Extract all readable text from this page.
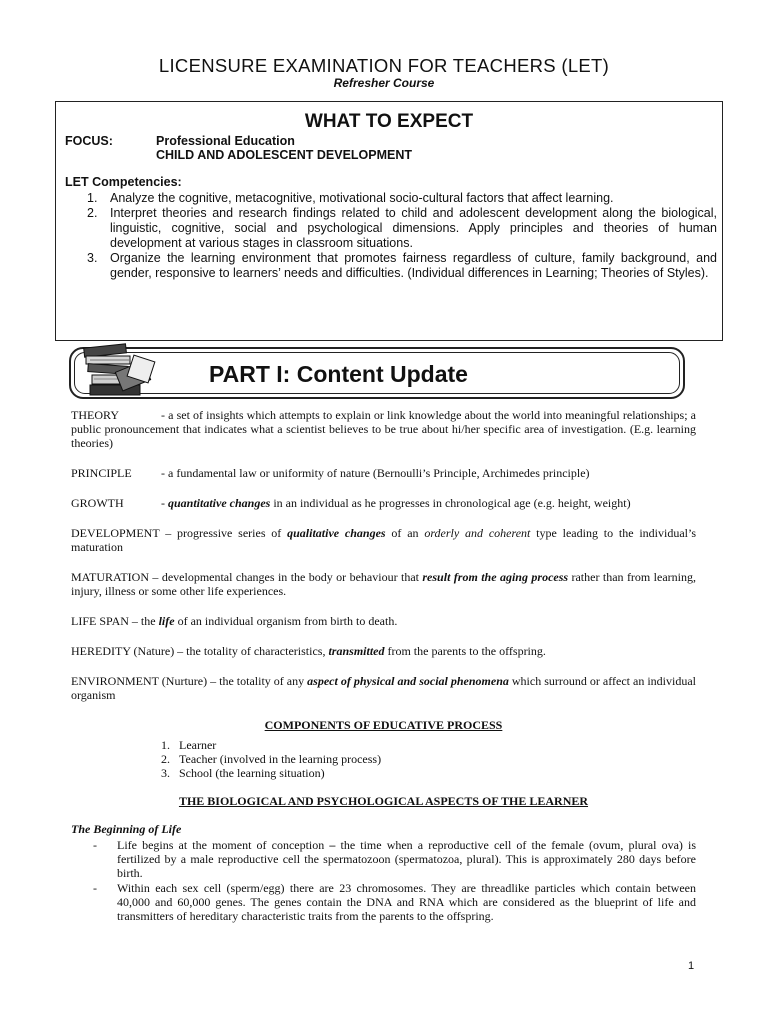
LICENSURE EXAMINATION FOR TEACHERS (LET)
Refresher Course
WHAT TO EXPECT
FOCUS:	Professional Education
CHILD AND ADOLESCENT DEVELOPMENT
LET Competencies:
1. Analyze the cognitive, metacognitive, motivational socio-cultural factors that affect learning.
2. Interpret theories and research findings related to child and adolescent development along the biological, linguistic, cognitive, social and psychological dimensions. Apply principles and theories of human development at various stages in classroom situations.
3. Organize the learning environment that promotes fairness regardless of culture, family background, and gender, responsive to learners’ needs and difficulties. (Individual differences in Learning; Theories of Styles).
PART I: Content Update

THEORY	- a set of insights which attempts to explain or link knowledge about the world into meaningful relationships; a public pronouncement that indicates what a scientist believes to be true about hi/her specific area of investigation. (E.g. learning theories)

PRINCIPLE - a fundamental law or uniformity of nature (Bernoulli’s Principle, Archimedes principle)

GROWTH	- quantitative changes in an individual as he progresses in chronological age (e.g. height, weight)

DEVELOPMENT – progressive series of qualitative changes of an orderly and coherent type leading to the individual’s maturation

MATURATION – developmental changes in the body or behaviour that result from the aging process rather than from learning, injury, illness or some other life experiences.

LIFE SPAN – the life of an individual organism from birth to death.

HEREDITY (Nature) – the totality of characteristics, transmitted from the parents to the offspring.

ENVIRONMENT (Nurture) – the totality of any aspect of physical and social phenomena which surround or affect an individual organism

COMPONENTS OF EDUCATIVE PROCESS

1. Learner
2. Teacher (involved in the learning process)
3. School (the learning situation)

THE BIOLOGICAL AND PSYCHOLOGICAL ASPECTS OF THE LEARNER

The Beginning of Life

- Life begins at the moment of conception – the time when a reproductive cell of the female (ovum, plural ova) is fertilized by a male reproductive cell the spermatozoon (spermatozoa, plural). This is approximately 280 days before birth.
- Within each sex cell (sperm/egg) there are 23 chromosomes. They are threadlike particles which contain between 40,000 and 60,000 genes. The genes contain the DNA and RNA which are considered as the blueprint of life and transmitters of hereditary characteristic traits from the parents to the offspring.
1
